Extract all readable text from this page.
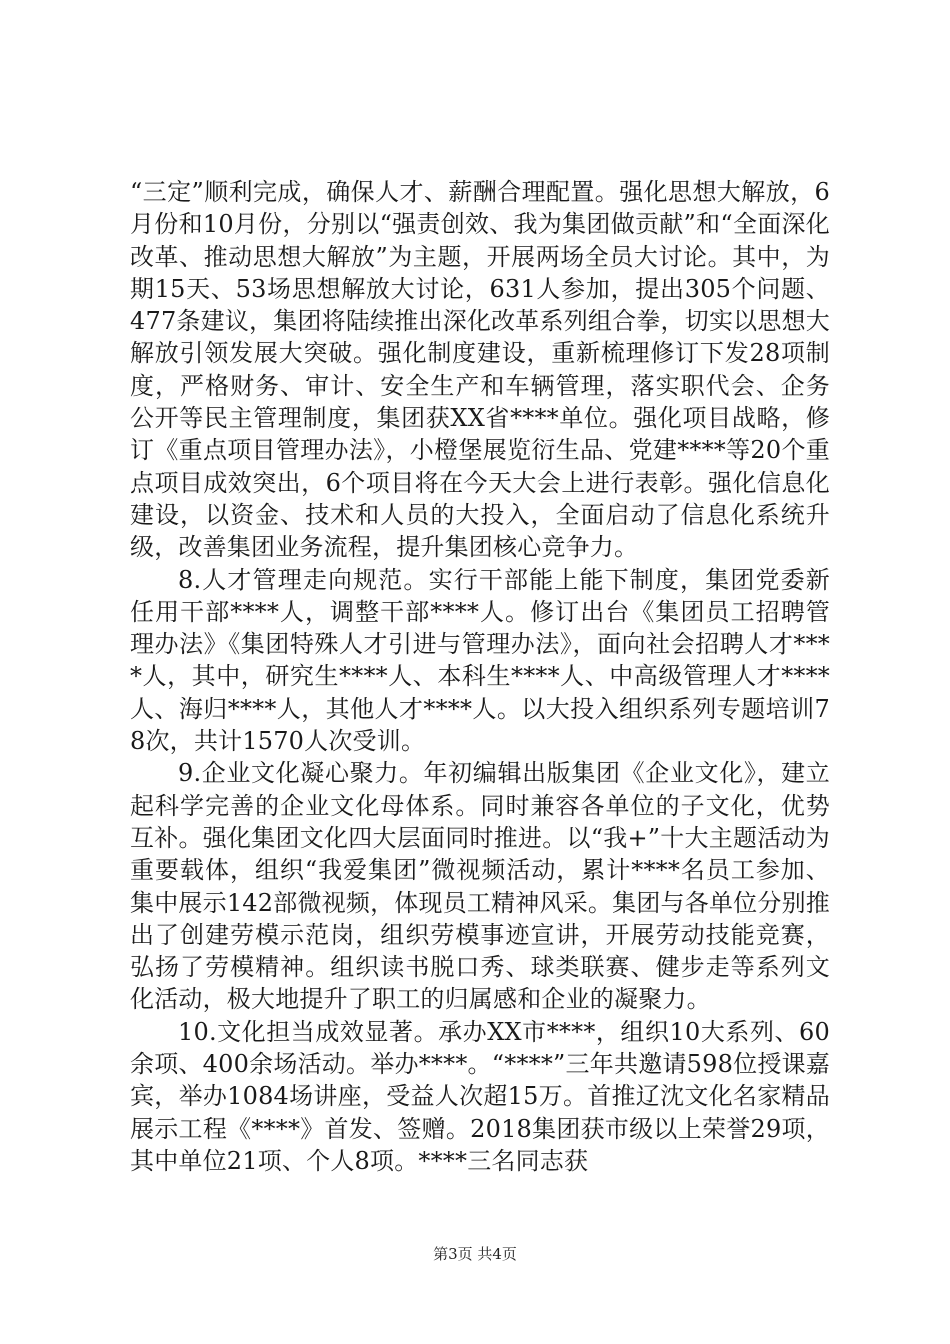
“三定”顺利完成，确保人才、薪酬合理配置。强化思想大解放，6月份和10月份，分别以“强责创效、我为集团做贡献”和“全面深化改革、推动思想大解放”为主题，开展两场全员大讨论。其中，为期15天、53场思想解放大讨论，631人参加，提出305个问题、477条建议，集团将陆续推出深化改革系列组合拳，切实以思想大解放引领发展大突破。强化制度建设，重新梳理修订下发28项制度，严格财务、审计、安全生产和车辆管理，落实职代会、企务公开等民主管理制度，集团获XX省****单位。强化项目战略，修订《重点项目管理办法》，小橙堡展览衍生品、党建****等20个重点项目成效突出，6个项目将在今天大会上进行表彰。强化信息化建设，以资金、技术和人员的大投入，全面启动了信息化系统升级，改善集团业务流程，提升集团核心竞争力。

8.人才管理走向规范。实行干部能上能下制度，集团党委新任用干部****人，调整干部****人。修订出台《集团员工招聘管理办法》《集团特殊人才引进与管理办法》，面向社会招聘人才****人，其中，研究生****人、本科生****人、中高级管理人才****人、海归****人，其他人才****人。以大投入组织系列专题培训78次，共计1570人次受训。

9.企业文化凝心聚力。年初编辑出版集团《企业文化》，建立起科学完善的企业文化母体系。同时兼容各单位的子文化，优势互补。强化集团文化四大层面同时推进。以“我+”十大主题活动为重要载体，组织“我爱集团”微视频活动，累计****名员工参加、集中展示142部微视频，体现员工精神风采。集团与各单位分别推出了创建劳模示范岗，组织劳模事迹宣讲，开展劳动技能竞赛，弘扬了劳模精神。组织读书脱口秀、球类联赛、健步走等系列文化活动，极大地提升了职工的归属感和企业的凝聚力。

10.文化担当成效显著。承办XX市****，组织10大系列、60余项、400余场活动。举办****。“****”三年共邀请598位授课嘉宾，举办1084场讲座，受益人次超15万。首推辽沈文化名家精品展示工程《****》首发、签赠。2018集团获市级以上荣誉29项，其中单位21项、个人8项。****三名同志获

第3页 共4页
